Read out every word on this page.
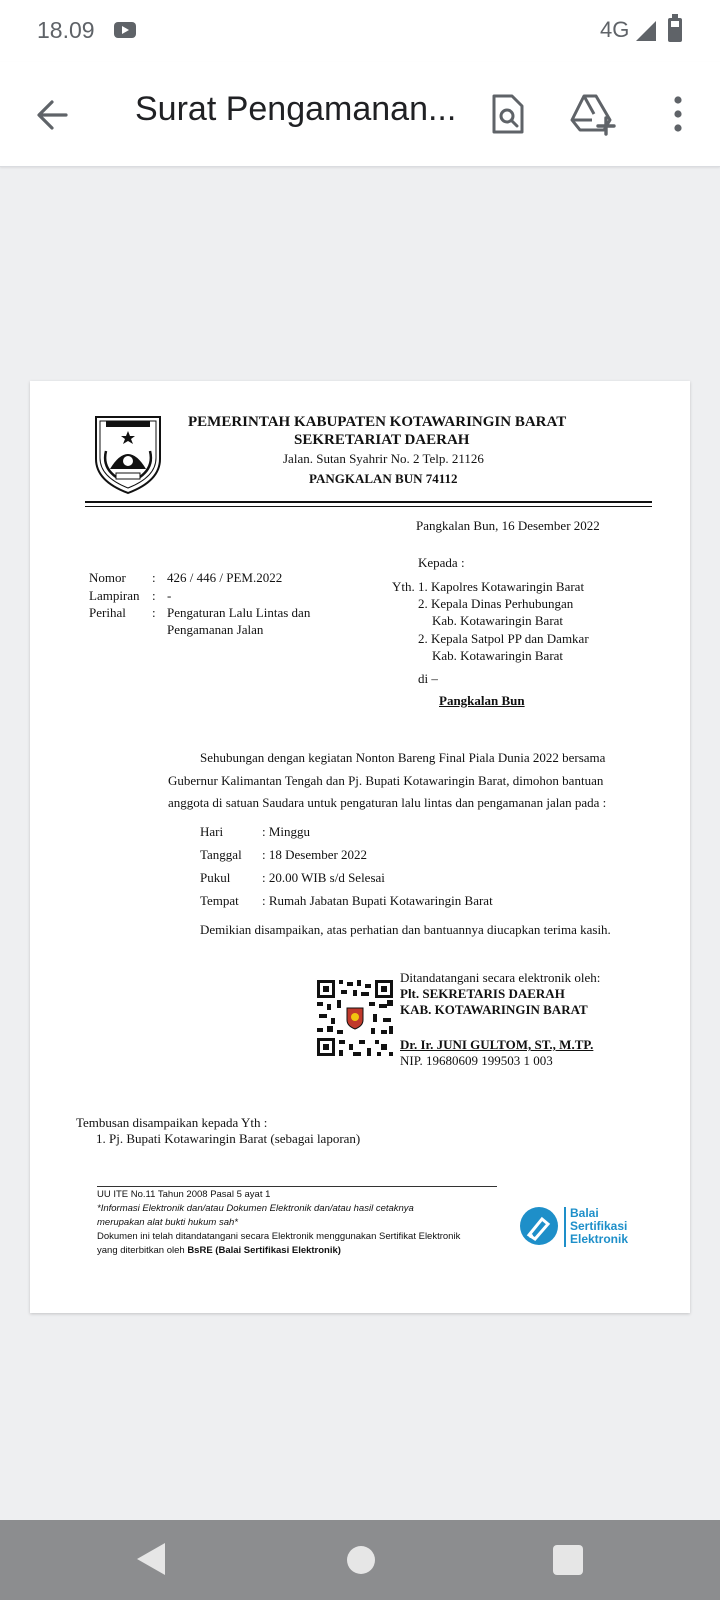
18.09	4G
Surat Pengamanan...
PEMERINTAH KABUPATEN KOTAWARINGIN BARAT
SEKRETARIAT DAERAH
Jalan. Sutan Syahrir No. 2 Telp. 21126
PANGKALAN BUN 74112
Pangkalan Bun, 16 Desember 2022
Nomor : 426 / 446 / PEM.2022
Lampiran : -
Perihal : Pengaturan Lalu Lintas dan
Pengamanan Jalan
Kepada :
Yth. 1. Kapolres Kotawaringin Barat
2. Kepala Dinas Perhubungan
Kab. Kotawaringin Barat
2. Kepala Satpol PP dan Damkar
Kab. Kotawaringin Barat
di –
Pangkalan Bun
Sehubungan dengan kegiatan Nonton Bareng Final Piala Dunia 2022 bersama
Gubernur Kalimantan Tengah dan Pj. Bupati Kotawaringin Barat, dimohon bantuan
anggota di satuan Saudara untuk pengaturan lalu lintas dan pengamanan jalan pada :
Hari	: Minggu
Tanggal : 18 Desember 2022
Pukul : 20.00 WIB s/d Selesai
Tempat : Rumah Jabatan Bupati Kotawaringin Barat
Demikian disampaikan, atas perhatian dan bantuannya diucapkan terima kasih.
Ditandatangani secara elektronik oleh:
Plt. SEKRETARIS DAERAH
KAB. KOTAWARINGIN BARAT
Dr. Ir. JUNI GULTOM, ST., M.TP.
NIP. 19680609 199503 1 003
Tembusan disampaikan kepada Yth :
1. Pj. Bupati Kotawaringin Barat (sebagai laporan)
UU ITE No.11 Tahun 2008 Pasal 5 ayat 1
*Informasi Elektronik dan/atau Dokumen Elektronik dan/atau hasil cetaknya
merupakan alat bukti hukum sah*
Dokumen ini telah ditandatangani secara Elektronik menggunakan Sertifikat Elektronik
yang diterbitkan oleh BsRE (Balai Sertifikasi Elektronik)
Balai
Sertifikasi
Elektronik
